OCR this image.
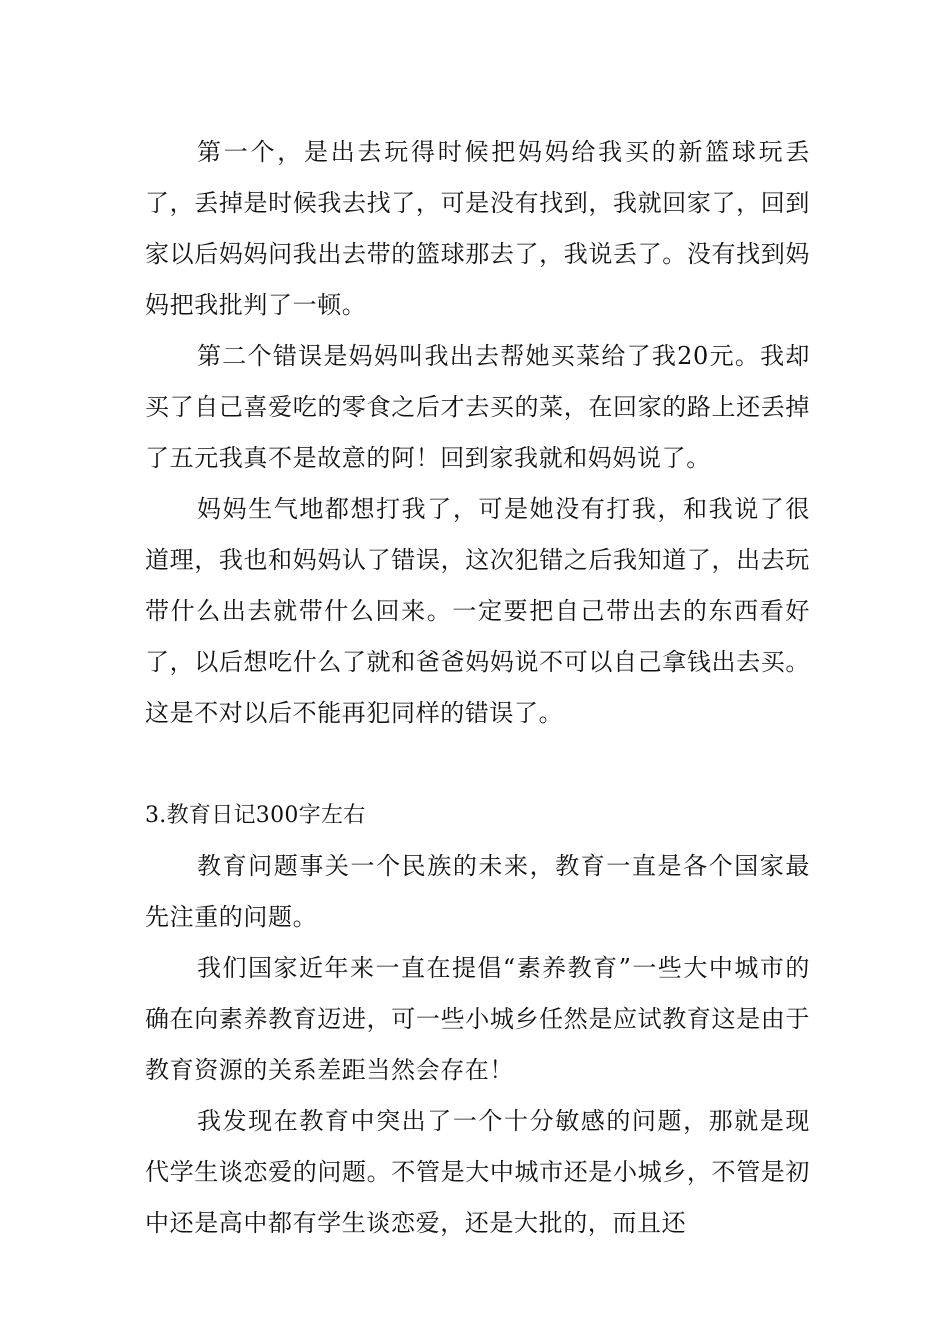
第一个，是出去玩得时候把妈妈给我买的新篮球玩丢了，丢掉是时候我去找了，可是没有找到，我就回家了，回到家以后妈妈问我出去带的篮球那去了，我说丢了。没有找到妈妈把我批判了一顿。

第二个错误是妈妈叫我出去帮她买菜给了我20元。我却买了自己喜爱吃的零食之后才去买的菜，在回家的路上还丢掉了五元我真不是故意的阿！回到家我就和妈妈说了。

妈妈生气地都想打我了，可是她没有打我，和我说了很道理，我也和妈妈认了错误，这次犯错之后我知道了，出去玩带什么出去就带什么回来。一定要把自己带出去的东西看好了，以后想吃什么了就和爸爸妈妈说不可以自己拿钱出去买。这是不对以后不能再犯同样的错误了。

3.教育日记300字左右

教育问题事关一个民族的未来，教育一直是各个国家最先注重的问题。

我们国家近年来一直在提倡“素养教育”一些大中城市的确在向素养教育迈进，可一些小城乡任然是应试教育这是由于教育资源的关系差距当然会存在！

我发现在教育中突出了一个十分敏感的问题，那就是现代学生谈恋爱的问题。不管是大中城市还是小城乡，不管是初中还是高中都有学生谈恋爱，还是大批的，而且还
